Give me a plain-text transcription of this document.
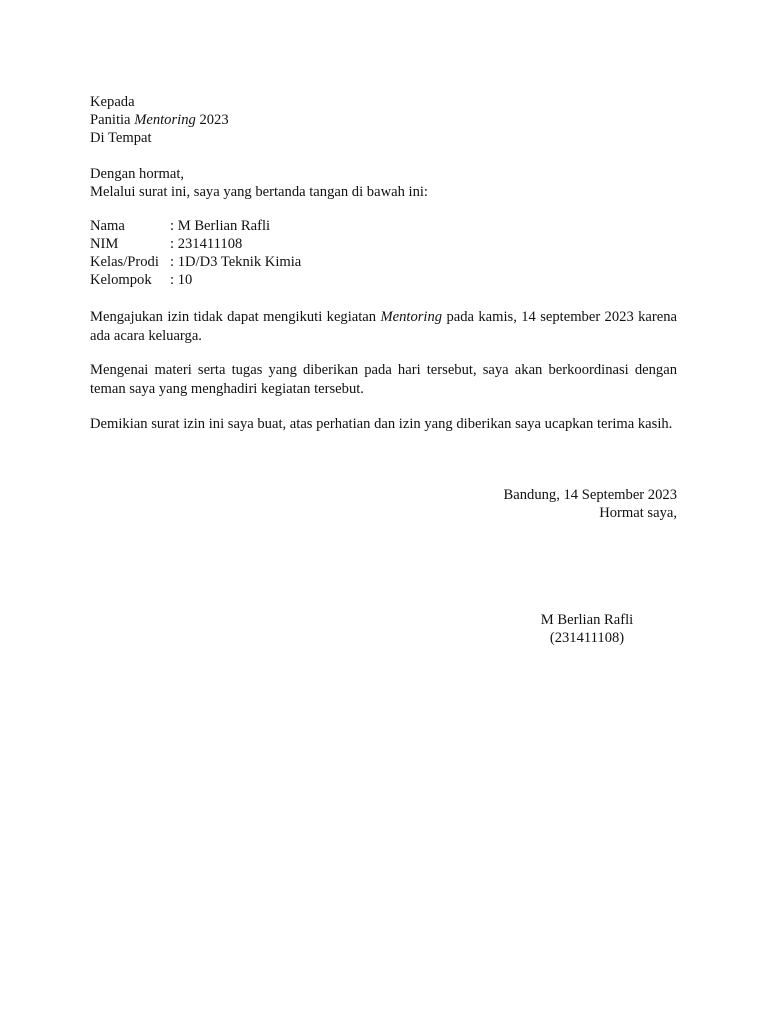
Kepada
Panitia Mentoring 2023
Di Tempat
Dengan hormat,
Melalui surat ini, saya yang bertanda tangan di bawah ini:
Nama	: M Berlian Rafli
NIM	: 231411108
Kelas/Prodi : 1D/D3 Teknik Kimia
Kelompok	: 10

Mengajukan izin tidak dapat mengikuti kegiatan Mentoring pada kamis, 14 september 2023 karena ada acara keluarga.

Mengenai materi serta tugas yang diberikan pada hari tersebut, saya akan berkoordinasi dengan teman saya yang menghadiri kegiatan tersebut.

Demikian surat izin ini saya buat, atas perhatian dan izin yang diberikan saya ucapkan terima kasih.

Bandung, 14 September 2023
Hormat saya,
M Berlian Rafli
(231411108)
